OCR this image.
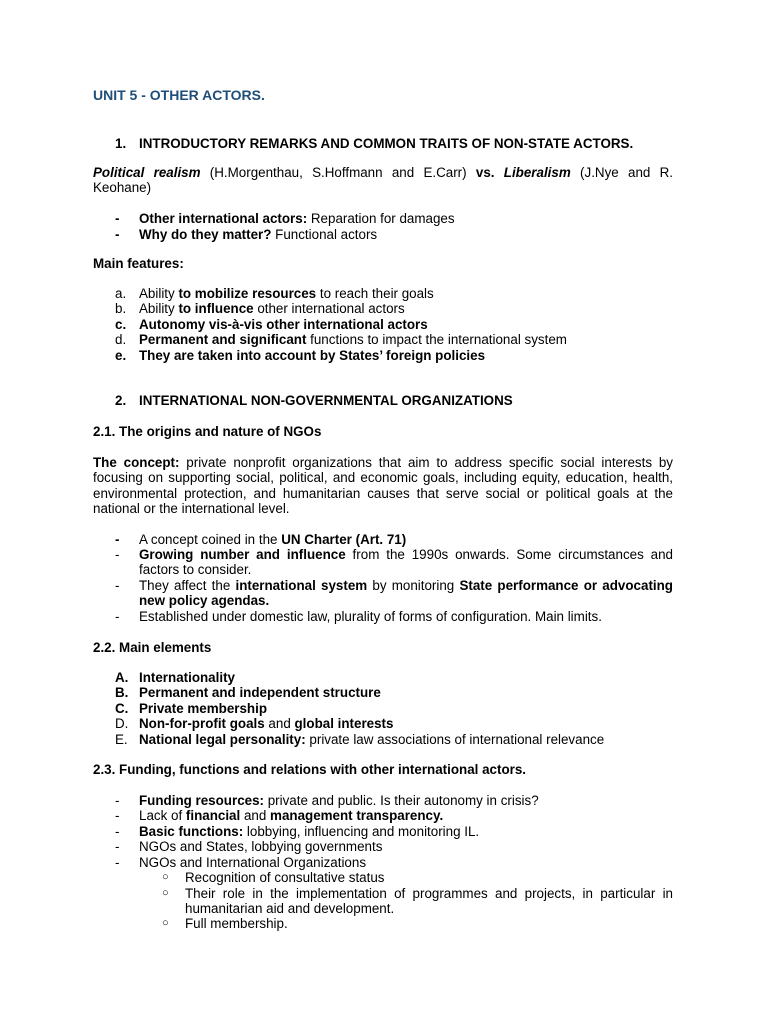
UNIT 5 - OTHER ACTORS.
1. INTRODUCTORY REMARKS AND COMMON TRAITS OF NON-STATE ACTORS.
Political realism (H.Morgenthau, S.Hoffmann and E.Carr) vs. Liberalism (J.Nye and R. Keohane)
- Other international actors: Reparation for damages
- Why do they matter? Functional actors
Main features:
a. Ability to mobilize resources to reach their goals
b. Ability to influence other international actors
c. Autonomy vis-à-vis other international actors
d. Permanent and significant functions to impact the international system
e. They are taken into account by States’ foreign policies
2. INTERNATIONAL NON-GOVERNMENTAL ORGANIZATIONS
2.1. The origins and nature of NGOs
The concept: private nonprofit organizations that aim to address specific social interests by focusing on supporting social, political, and economic goals, including equity, education, health, environmental protection, and humanitarian causes that serve social or political goals at the national or the international level.
- A concept coined in the UN Charter (Art. 71)
- Growing number and influence from the 1990s onwards. Some circumstances and factors to consider.
- They affect the international system by monitoring State performance or advocating new policy agendas.
- Established under domestic law, plurality of forms of configuration. Main limits.
2.2. Main elements
A. Internationality
B. Permanent and independent structure
C. Private membership
D. Non-for-profit goals and global interests
E. National legal personality: private law associations of international relevance
2.3. Funding, functions and relations with other international actors.
- Funding resources: private and public. Is their autonomy in crisis?
- Lack of financial and management transparency.
- Basic functions: lobbying, influencing and monitoring IL.
- NGOs and States, lobbying governments
- NGOs and International Organizations
○ Recognition of consultative status
○ Their role in the implementation of programmes and projects, in particular in humanitarian aid and development.
○ Full membership.
